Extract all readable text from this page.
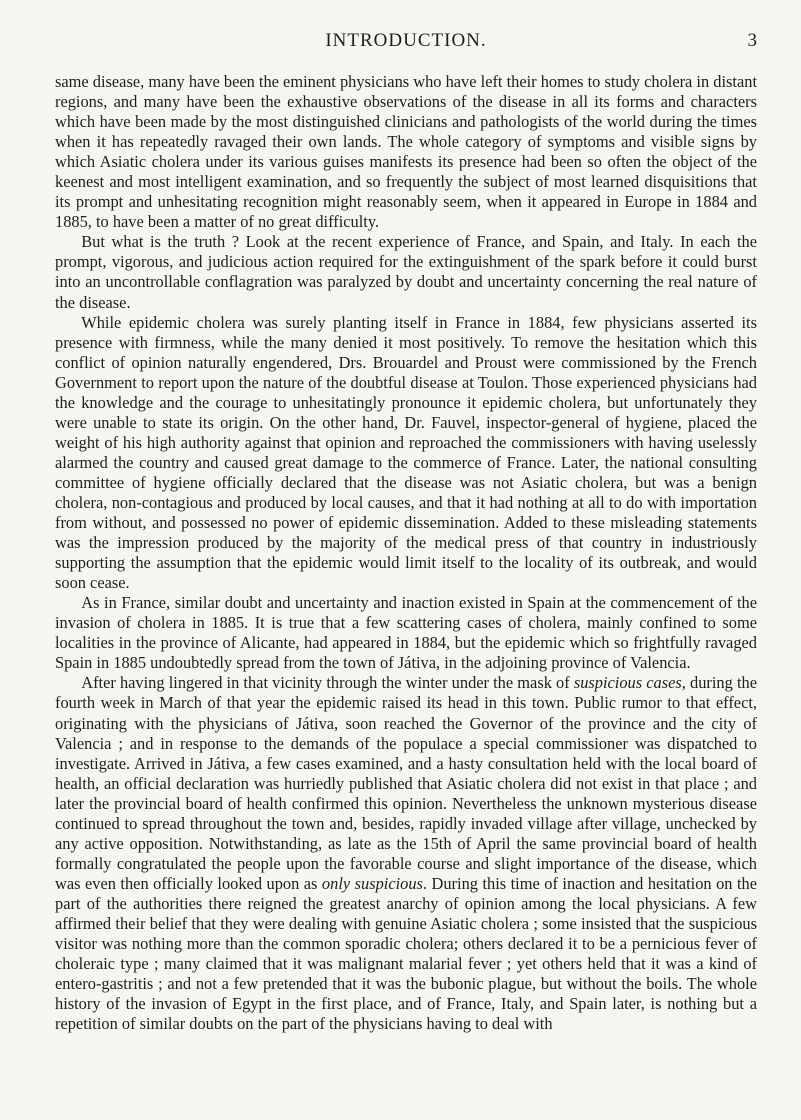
INTRODUCTION.	3

same disease, many have been the eminent physicians who have left their homes to study cholera in distant regions, and many have been the exhaustive observations of the disease in all its forms and characters which have been made by the most distinguished clinicians and pathologists of the world during the times when it has repeatedly ravaged their own lands. The whole category of symptoms and visible signs by which Asiatic cholera under its various guises manifests its presence had been so often the object of the keenest and most intelligent examination, and so frequently the subject of most learned disquisitions that its prompt and unhesitating recognition might reasonably seem, when it appeared in Europe in 1884 and 1885, to have been a matter of no great difficulty.

But what is the truth ? Look at the recent experience of France, and Spain, and Italy. In each the prompt, vigorous, and judicious action required for the extinguishment of the spark before it could burst into an uncontrollable conflagration was paralyzed by doubt and uncertainty concerning the real nature of the disease.

While epidemic cholera was surely planting itself in France in 1884, few physicians asserted its presence with firmness, while the many denied it most positively. To remove the hesitation which this conflict of opinion naturally engendered, Drs. Brouardel and Proust were commissioned by the French Government to report upon the nature of the doubtful disease at Toulon. Those experienced physicians had the knowledge and the courage to unhesitatingly pronounce it epidemic cholera, but unfortunately they were unable to state its origin. On the other hand, Dr. Fauvel, inspector-general of hygiene, placed the weight of his high authority against that opinion and reproached the commissioners with having uselessly alarmed the country and caused great damage to the commerce of France. Later, the national consulting committee of hygiene officially declared that the disease was not Asiatic cholera, but was a benign cholera, non-contagious and produced by local causes, and that it had nothing at all to do with importation from without, and possessed no power of epidemic dissemination. Added to these misleading statements was the impression produced by the majority of the medical press of that country in industriously supporting the assumption that the epidemic would limit itself to the locality of its outbreak, and would soon cease.

As in France, similar doubt and uncertainty and inaction existed in Spain at the commencement of the invasion of cholera in 1885. It is true that a few scattering cases of cholera, mainly confined to some localities in the province of Alicante, had appeared in 1884, but the epidemic which so frightfully ravaged Spain in 1885 undoubtedly spread from the town of Játiva, in the adjoining province of Valencia.

After having lingered in that vicinity through the winter under the mask of suspicious cases, during the fourth week in March of that year the epidemic raised its head in this town. Public rumor to that effect, originating with the physicians of Játiva, soon reached the Governor of the province and the city of Valencia ; and in response to the demands of the populace a special commissioner was dispatched to investigate. Arrived in Játiva, a few cases examined, and a hasty consultation held with the local board of health, an official declaration was hurriedly published that Asiatic cholera did not exist in that place ; and later the provincial board of health confirmed this opinion. Nevertheless the unknown mysterious disease continued to spread throughout the town and, besides, rapidly invaded village after village, unchecked by any active opposition. Notwithstanding, as late as the 15th of April the same provincial board of health formally congratulated the people upon the favorable course and slight importance of the disease, which was even then officially looked upon as only suspicious. During this time of inaction and hesitation on the part of the authorities there reigned the greatest anarchy of opinion among the local physicians. A few affirmed their belief that they were dealing with genuine Asiatic cholera ; some insisted that the suspicious visitor was nothing more than the common sporadic cholera; others declared it to be a pernicious fever of choleraic type ; many claimed that it was malignant malarial fever ; yet others held that it was a kind of entero-gastritis ; and not a few pretended that it was the bubonic plague, but without the boils. The whole history of the invasion of Egypt in the first place, and of France, Italy, and Spain later, is nothing but a repetition of similar doubts on the part of the physicians having to deal with
